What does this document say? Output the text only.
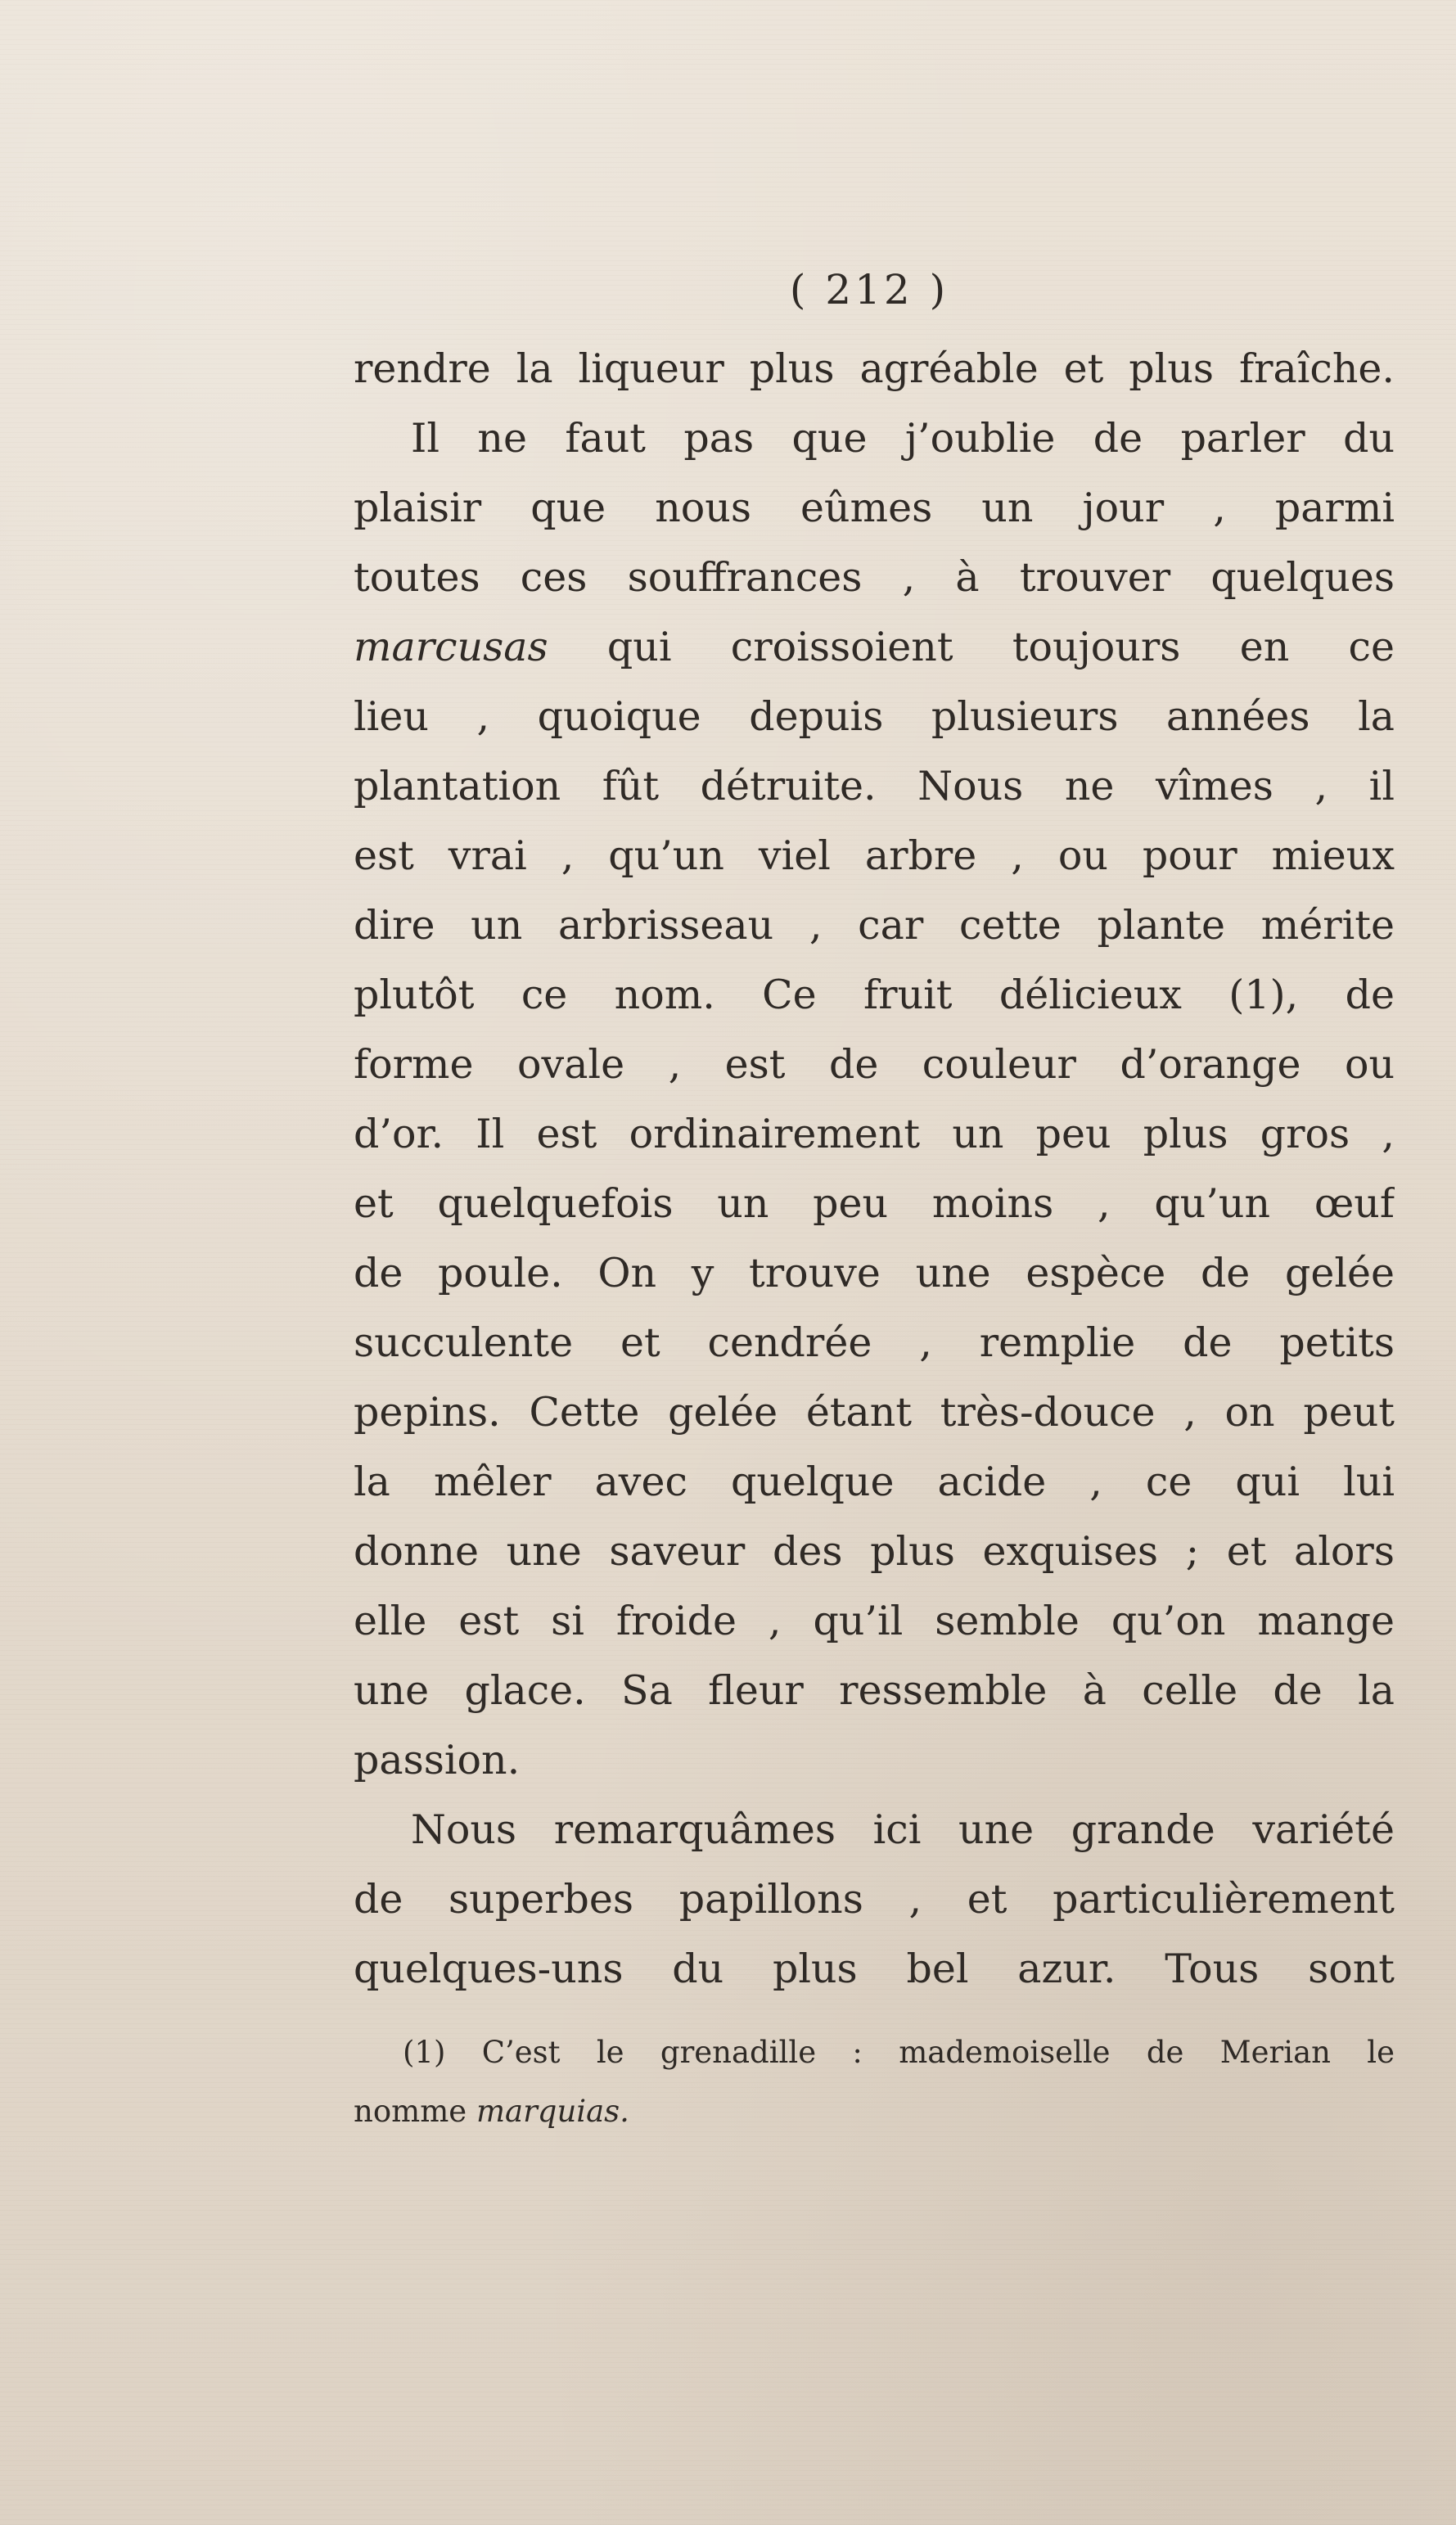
( 212 )
rendre la liqueur plus agréable et plus fraîche.
Il ne faut pas que j’oublie de parler du
plaisir que nous eûmes un jour , parmi
toutes ces souffrances , à trouver quelques
marcusas qui croissoient toujours en ce
lieu , quoique depuis plusieurs années la
plantation fût détruite. Nous ne vîmes , il
est vrai , qu’un viel arbre , ou pour mieux
dire un arbrisseau , car cette plante mérite
plutôt ce nom. Ce fruit délicieux (1), de
forme ovale , est de couleur d’orange ou
d’or. Il est ordinairement un peu plus gros ,
et quelquefois un peu moins , qu’un œuf
de poule. On y trouve une espèce de gelée
succulente et cendrée , remplie de petits
pepins. Cette gelée étant très-douce , on peut
la mêler avec quelque acide , ce qui lui
donne une saveur des plus exquises ; et alors
elle est si froide , qu’il semble qu’on mange
une glace. Sa fleur ressemble à celle de la
passion.
Nous remarquâmes ici une grande variété
de superbes papillons , et particulièrement
quelques-uns du plus bel azur. Tous sont
(1) C’est le grenadille : mademoiselle de Merian le
nomme marquias.
